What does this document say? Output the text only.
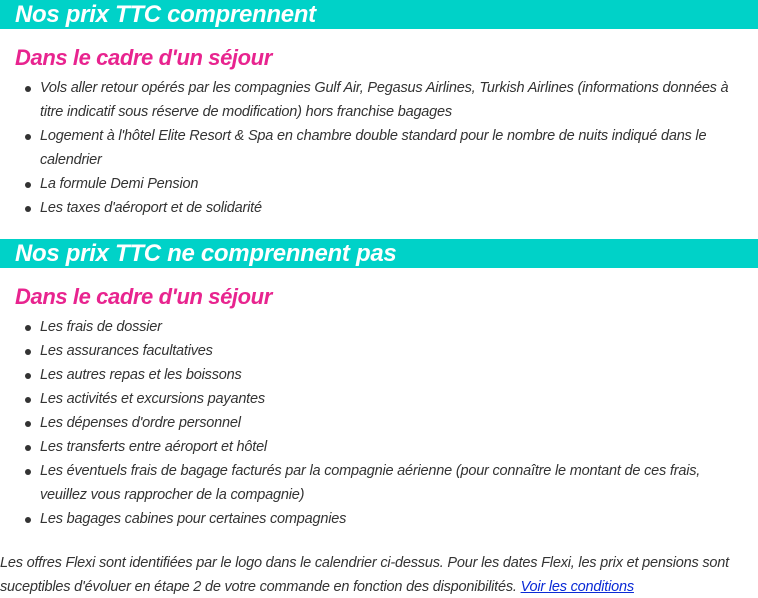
Nos prix TTC comprennent
Dans le cadre d'un séjour
Vols aller retour opérés par les compagnies Gulf Air, Pegasus Airlines, Turkish Airlines (informations données à titre indicatif sous réserve de modification) hors franchise bagages
Logement à l'hôtel Elite Resort & Spa en chambre double standard pour le nombre de nuits indiqué dans le calendrier
La formule Demi Pension
Les taxes d'aéroport et de solidarité
Nos prix TTC ne comprennent pas
Dans le cadre d'un séjour
Les frais de dossier
Les assurances facultatives
Les autres repas et les boissons
Les activités et excursions payantes
Les dépenses d'ordre personnel
Les transferts entre aéroport et hôtel
Les éventuels frais de bagage facturés par la compagnie aérienne (pour connaître le montant de ces frais, veuillez vous rapprocher de la compagnie)
Les bagages cabines pour certaines compagnies
Les offres Flexi sont identifiées par le logo dans le calendrier ci-dessus. Pour les dates Flexi, les prix et pensions sont suceptibles d'évoluer en étape 2 de votre commande en fonction des disponibilités. Voir les conditions
